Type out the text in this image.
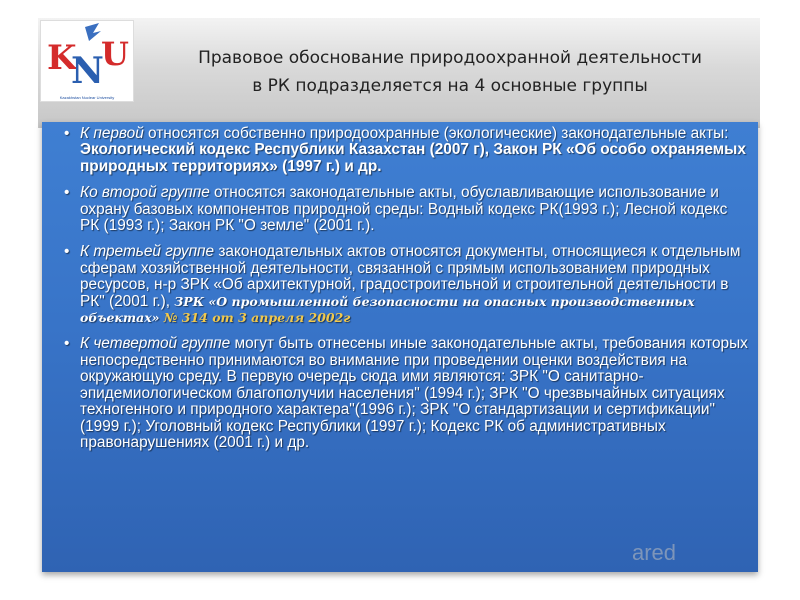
K
N
U
Kazakhstan Nuclear University
Правовое обоснование природоохранной деятельности
в РК подразделяется на 4 основные группы
• К первой относятся собственно природоохранные (экологические) законодательные акты: Экологический кодекс Республики Казахстан (2007 г), Закон РК «Об особо охраняемых природных территориях» (1997 г.) и др.
• Ко второй группе относятся законодательные акты, обуславливающие использование и охрану базовых компонентов природной среды: Водный кодекс РК(1993 г.); Лесной кодекс РК (1993 г.); Закон РК "О земле" (2001 г.).
• К третьей группе законодательных актов относятся документы, относящиеся к отдельным сферам хозяйственной деятельности, связанной с прямым использованием природных ресурсов, н-р ЗРК «Об архитектурной, градостроительной и строительной деятельности в РК" (2001 г.), ЗРК «О промышленной безопасности на опасных производственных объектах» № 314 от 3 апреля 2002г
• К четвертой группе могут быть отнесены иные законодательные акты, требования которых непосредственно принимаются во внимание при проведении оценки воздействия на окружающую среду. В первую очередь сюда ими являются: ЗРК "О санитарно-эпидемиологическом благополучии населения" (1994 г.); ЗРК "О чрезвычайных ситуациях техногенного и природного характера"(1996 г.); ЗРК "О стандартизации и сертификации" (1999 г.); Уголовный кодекс Республики (1997 г.); Кодекс РК об административных правонарушениях (2001 г.) и др.
ared
